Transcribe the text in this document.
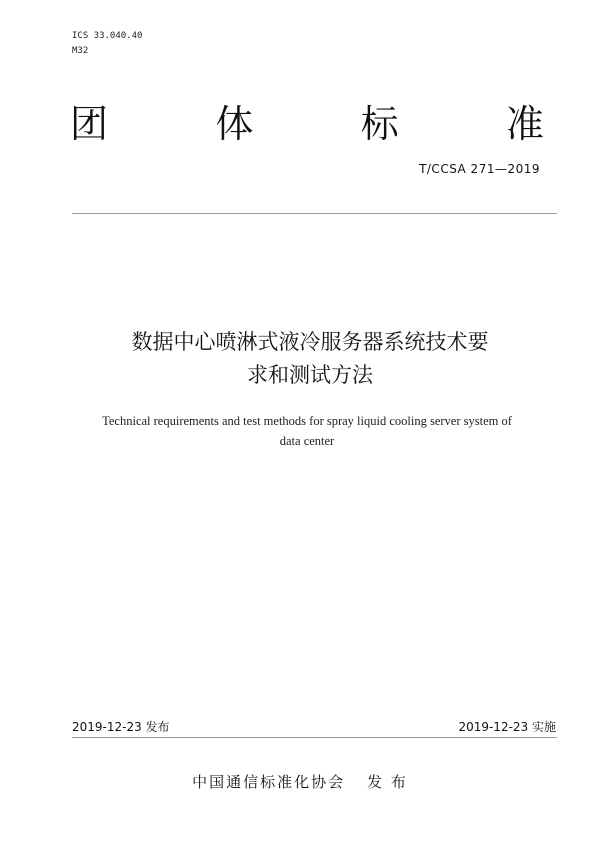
ICS 33.040.40
M32
团	体	标	准
T/CCSA 271—2019
数据中心喷淋式液冷服务器系统技术要
求和测试方法
Technical requirements and test methods for spray liquid cooling server system of
data center
2019-12-23 发布	2019-12-23 实施
中国通信标准化协会 发 布
